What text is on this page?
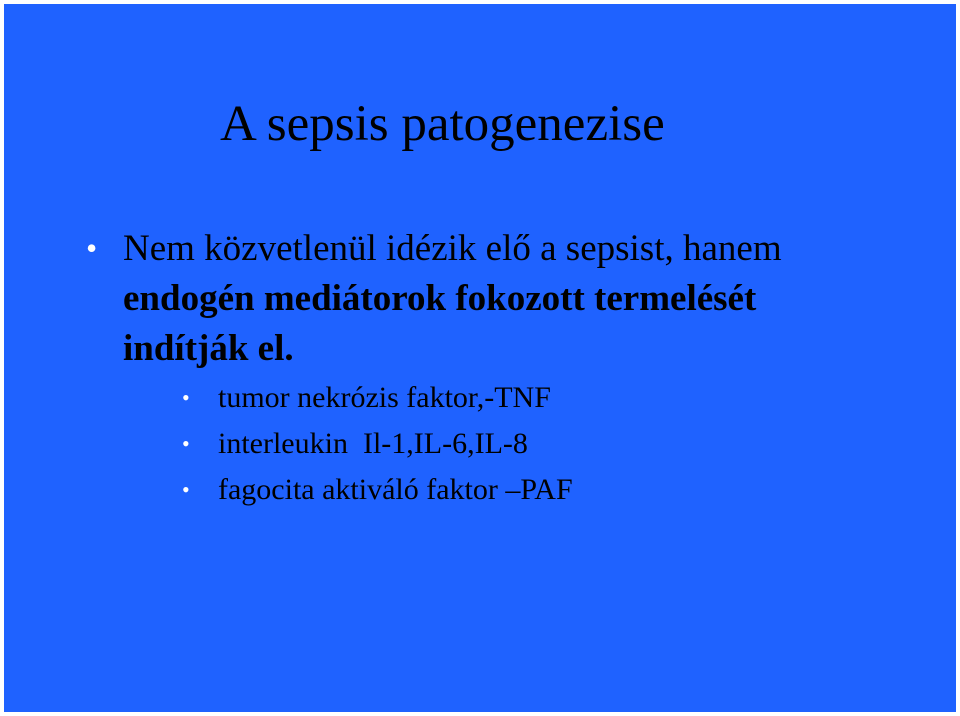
A sepsis patogenezise
• Nem közvetlenül idézik elő a sepsist, hanem
endogén mediátorok fokozott termelését
indítják el.
• tumor nekrózis faktor,-TNF
• interleukin  Il-1,IL-6,IL-8
• fagocita aktiváló faktor –PAF
